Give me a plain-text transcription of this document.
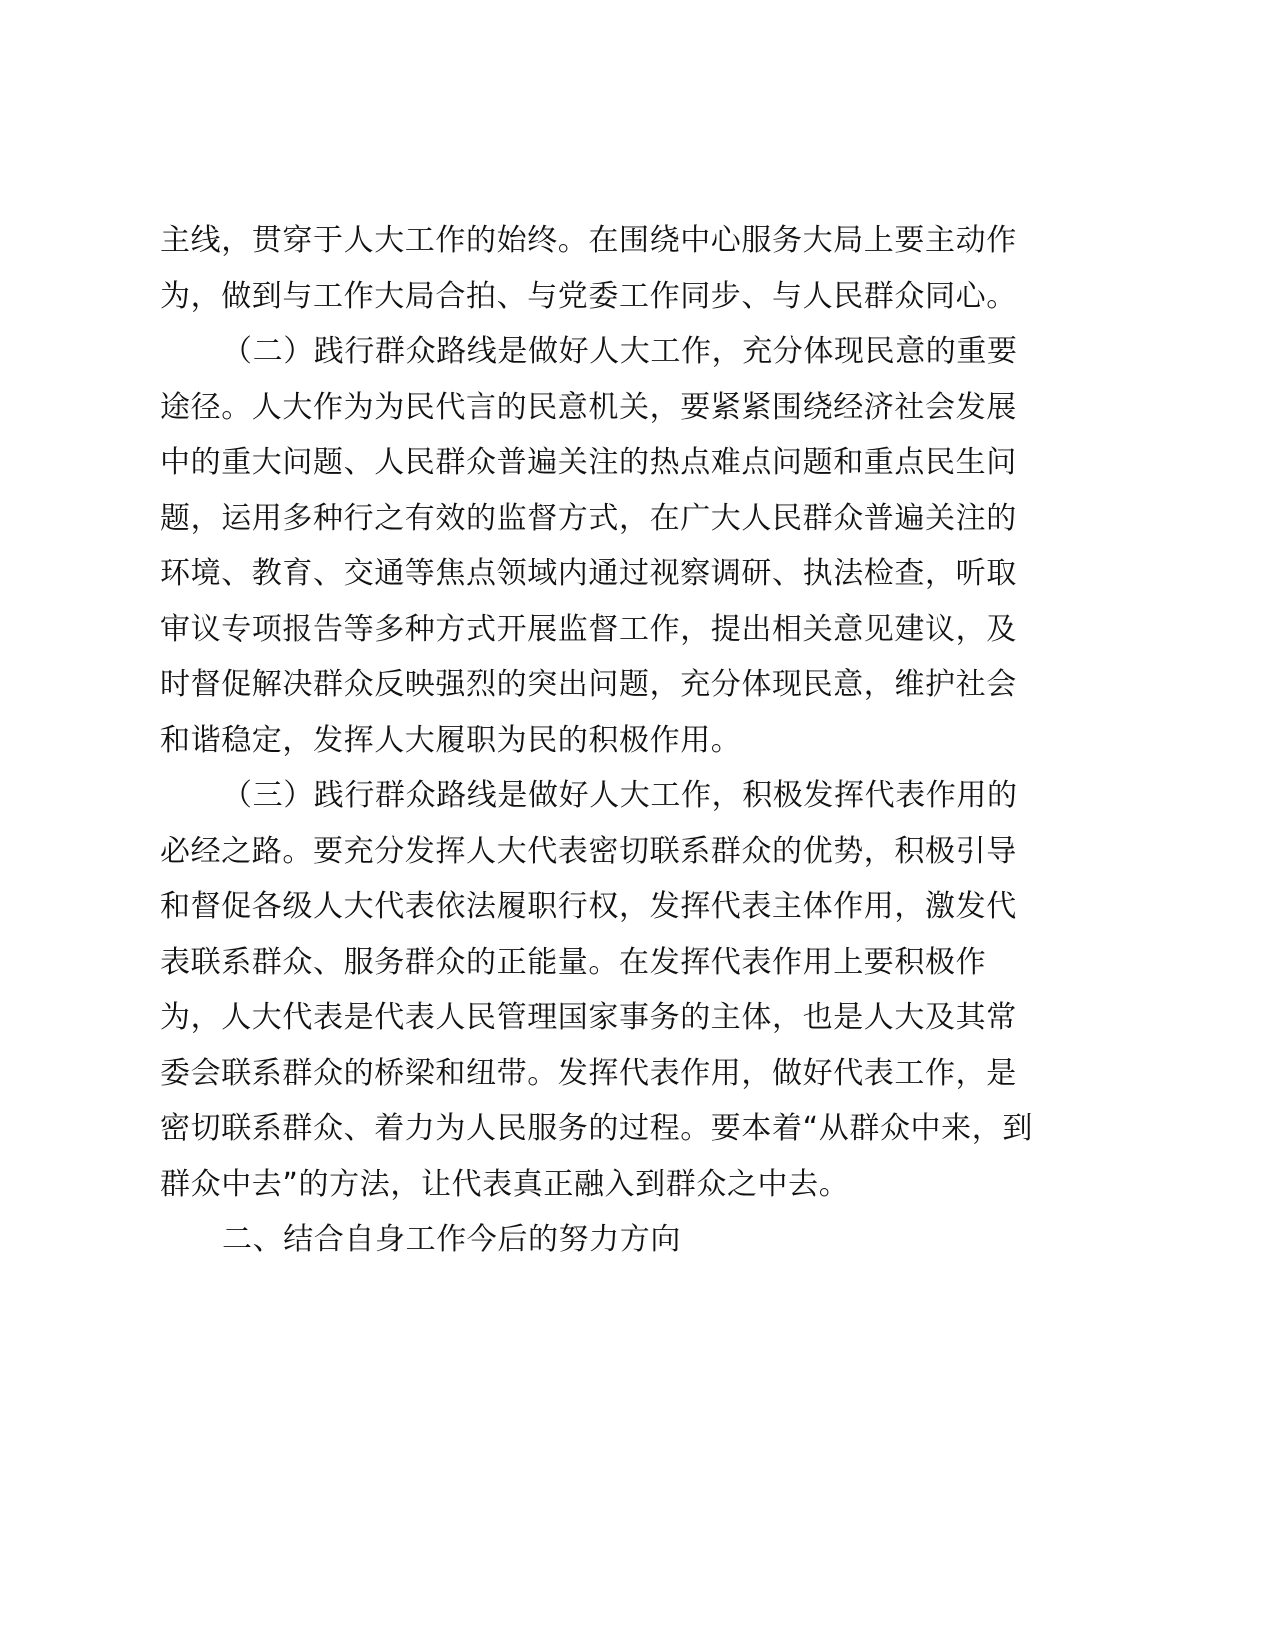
主线，贯穿于人大工作的始终。在围绕中心服务大局上要主动作
为，做到与工作大局合拍、与党委工作同步、与人民群众同心。
（二）践行群众路线是做好人大工作，充分体现民意的重要
途径。人大作为为民代言的民意机关，要紧紧围绕经济社会发展
中的重大问题、人民群众普遍关注的热点难点问题和重点民生问
题，运用多种行之有效的监督方式，在广大人民群众普遍关注的
环境、教育、交通等焦点领域内通过视察调研、执法检查，听取
审议专项报告等多种方式开展监督工作，提出相关意见建议，及
时督促解决群众反映强烈的突出问题，充分体现民意，维护社会
和谐稳定，发挥人大履职为民的积极作用。
（三）践行群众路线是做好人大工作，积极发挥代表作用的
必经之路。要充分发挥人大代表密切联系群众的优势，积极引导
和督促各级人大代表依法履职行权，发挥代表主体作用，激发代
表联系群众、服务群众的正能量。在发挥代表作用上要积极作
为，人大代表是代表人民管理国家事务的主体，也是人大及其常
委会联系群众的桥梁和纽带。发挥代表作用，做好代表工作，是
密切联系群众、着力为人民服务的过程。要本着“从群众中来，到
群众中去”的方法，让代表真正融入到群众之中去。
二、结合自身工作今后的努力方向
